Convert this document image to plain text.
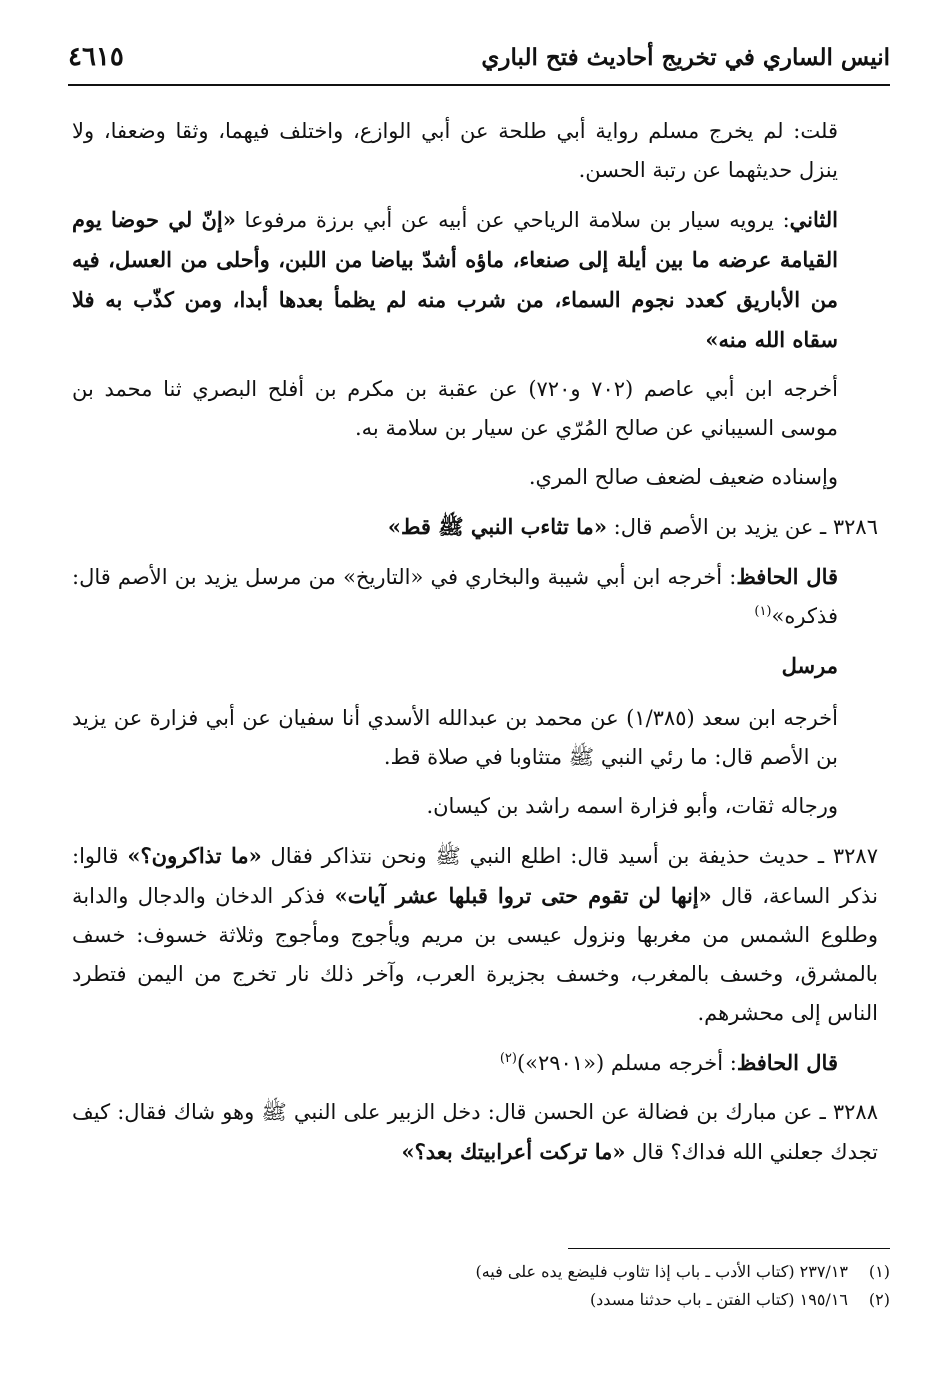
انيس الساري في تخريج أحاديث فتح الباري
٤٦١٥

قلت: لم يخرج مسلم رواية أبي طلحة عن أبي الوازع، واختلف فيهما، وثقا وضعفا، ولا ينزل حديثهما عن رتبة الحسن.

الثاني: يرويه سيار بن سلامة الرياحي عن أبيه عن أبي برزة مرفوعا «إنّ لي حوضا يوم القيامة عرضه ما بين أيلة إلى صنعاء، ماؤه أشدّ بياضا من اللبن، وأحلى من العسل، فيه من الأباريق كعدد نجوم السماء، من شرب منه لم يظمأ بعدها أبدا، ومن كذّب به فلا سقاه الله منه»

أخرجه ابن أبي عاصم (٧٠٢ و٧٢٠) عن عقبة بن مكرم بن أفلح البصري ثنا محمد بن موسى السيباني عن صالح المُرّي عن سيار بن سلامة به.

وإسناده ضعيف لضعف صالح المري.

٣٢٨٦ ـ عن يزيد بن الأصم قال: «ما تثاءب النبي ﷺ قط»

قال الحافظ: أخرجه ابن أبي شيبة والبخاري في «التاريخ» من مرسل يزيد بن الأصم قال: فذكره»$^{(١)}$

مرسل

أخرجه ابن سعد (١/٣٨٥) عن محمد بن عبدالله الأسدي أنا سفيان عن أبي فزارة عن يزيد بن الأصم قال: ما رئي النبي ﷺ متثاوبا في صلاة قط.

ورجاله ثقات، وأبو فزارة اسمه راشد بن كيسان.

٣٢٨٧ ـ حديث حذيفة بن أسيد قال: اطلع النبي ﷺ ونحن نتذاكر فقال «ما تذاكرون؟» قالوا: نذكر الساعة، قال «إنها لن تقوم حتى تروا قبلها عشر آيات» فذكر الدخان والدجال والدابة وطلوع الشمس من مغربها ونزول عيسى بن مريم ويأجوج ومأجوج وثلاثة خسوف: خسف بالمشرق، وخسف بالمغرب، وخسف بجزيرة العرب، وآخر ذلك نار تخرج من اليمن فتطرد الناس إلى محشرهم.

قال الحافظ: أخرجه مسلم («٢٩٠١»)$^{(٢)}$

٣٢٨٨ ـ عن مبارك بن فضالة عن الحسن قال: دخل الزبير على النبي ﷺ وهو شاك فقال: كيف تجدك جعلني الله فداك؟ قال «ما تركت أعرابيتك بعد؟»

(١)٢٣٧/١٣ (كتاب الأدب ـ باب إذا تثاوب فليضع يده على فيه)
(٢)١٩٥/١٦ (كتاب الفتن ـ باب حدثنا مسدد)
